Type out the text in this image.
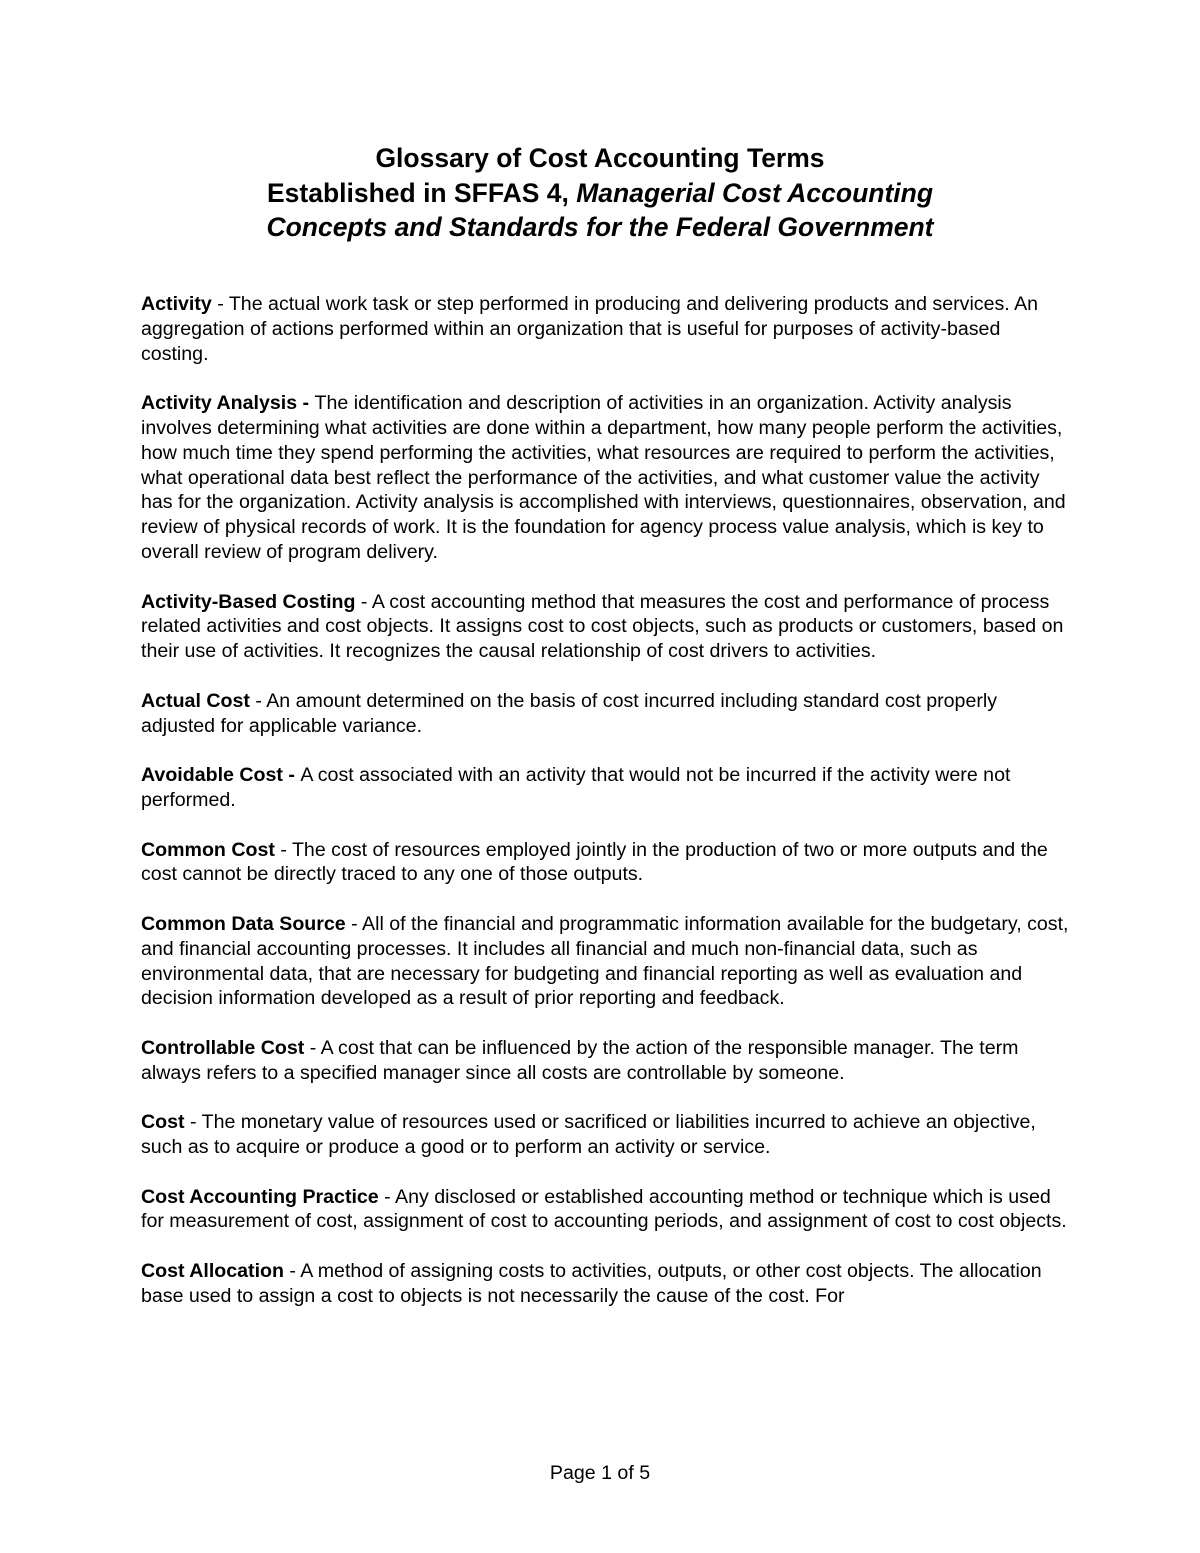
Glossary of Cost Accounting Terms
Established in SFFAS 4, Managerial Cost Accounting
Concepts and Standards for the Federal Government

Activity - The actual work task or step performed in producing and delivering products and services. An aggregation of actions performed within an organization that is useful for purposes of activity-based costing.

Activity Analysis - The identification and description of activities in an organization. Activity analysis involves determining what activities are done within a department, how many people perform the activities, how much time they spend performing the activities, what resources are required to perform the activities, what operational data best reflect the performance of the activities, and what customer value the activity has for the organization. Activity analysis is accomplished with interviews, questionnaires, observation, and review of physical records of work. It is the foundation for agency process value analysis, which is key to overall review of program delivery.

Activity-Based Costing - A cost accounting method that measures the cost and performance of process related activities and cost objects. It assigns cost to cost objects, such as products or customers, based on their use of activities. It recognizes the causal relationship of cost drivers to activities.

Actual Cost - An amount determined on the basis of cost incurred including standard cost properly adjusted for applicable variance.

Avoidable Cost - A cost associated with an activity that would not be incurred if the activity were not performed.

Common Cost - The cost of resources employed jointly in the production of two or more outputs and the cost cannot be directly traced to any one of those outputs.

Common Data Source - All of the financial and programmatic information available for the budgetary, cost, and financial accounting processes. It includes all financial and much non-financial data, such as environmental data, that are necessary for budgeting and financial reporting as well as evaluation and decision information developed as a result of prior reporting and feedback.

Controllable Cost - A cost that can be influenced by the action of the responsible manager. The term always refers to a specified manager since all costs are controllable by someone.

Cost - The monetary value of resources used or sacrificed or liabilities incurred to achieve an objective, such as to acquire or produce a good or to perform an activity or service.

Cost Accounting Practice - Any disclosed or established accounting method or technique which is used for measurement of cost, assignment of cost to accounting periods, and assignment of cost to cost objects.

Cost Allocation - A method of assigning costs to activities, outputs, or other cost objects. The allocation base used to assign a cost to objects is not necessarily the cause of the cost. For

Page 1 of 5
